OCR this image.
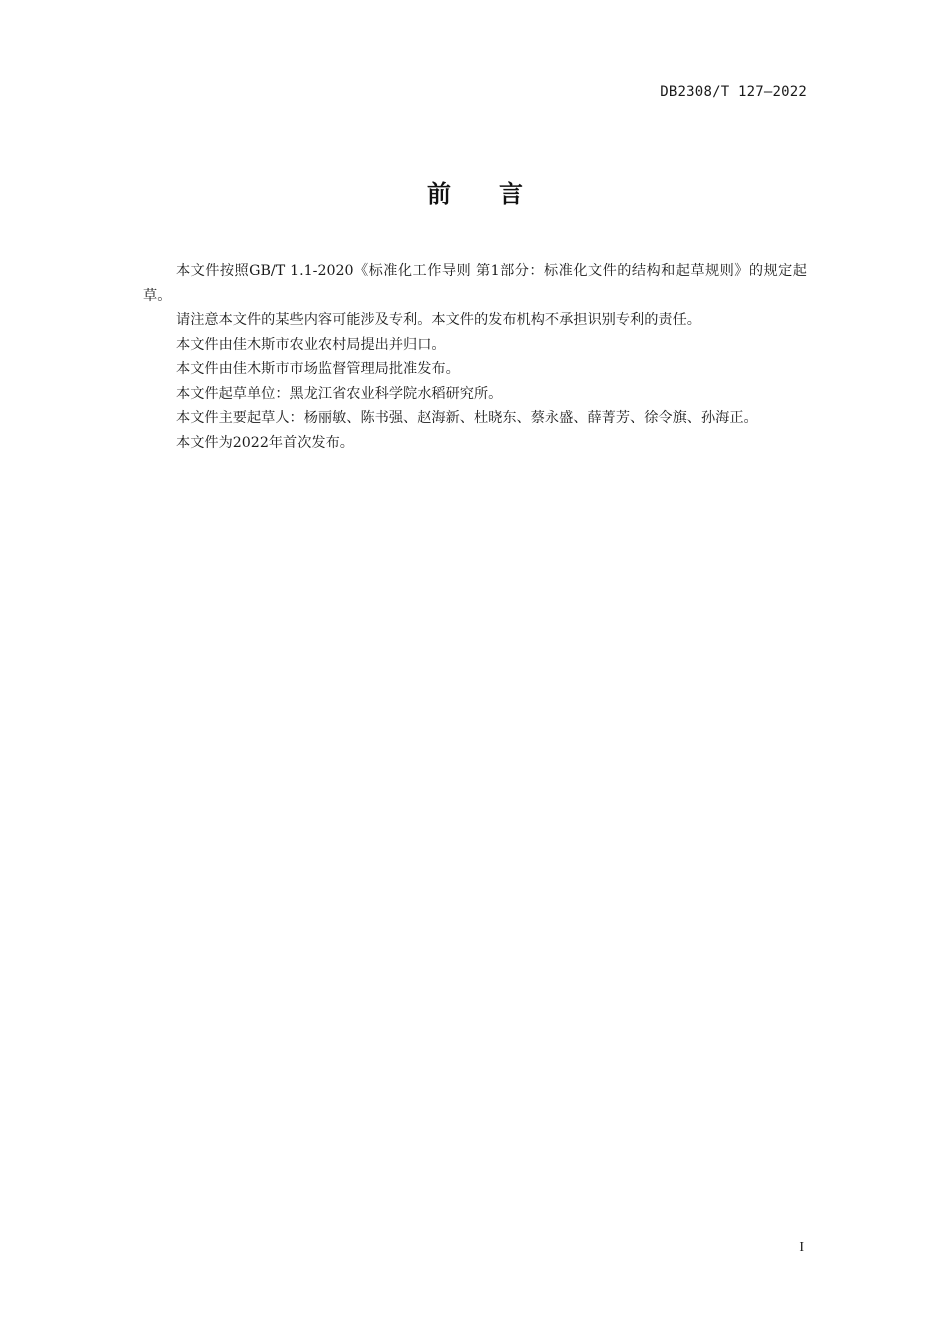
DB2308/T 127—2022
前言

本文件按照GB/T 1.1-2020《标准化工作导则 第1部分：标准化文件的结构和起草规则》的规定起草。

请注意本文件的某些内容可能涉及专利。本文件的发布机构不承担识别专利的责任。

本文件由佳木斯市农业农村局提出并归口。

本文件由佳木斯市市场监督管理局批准发布。

本文件起草单位：黑龙江省农业科学院水稻研究所。

本文件主要起草人：杨丽敏、陈书强、赵海新、杜晓东、蔡永盛、薛菁芳、徐令旗、孙海正。

本文件为2022年首次发布。

I
